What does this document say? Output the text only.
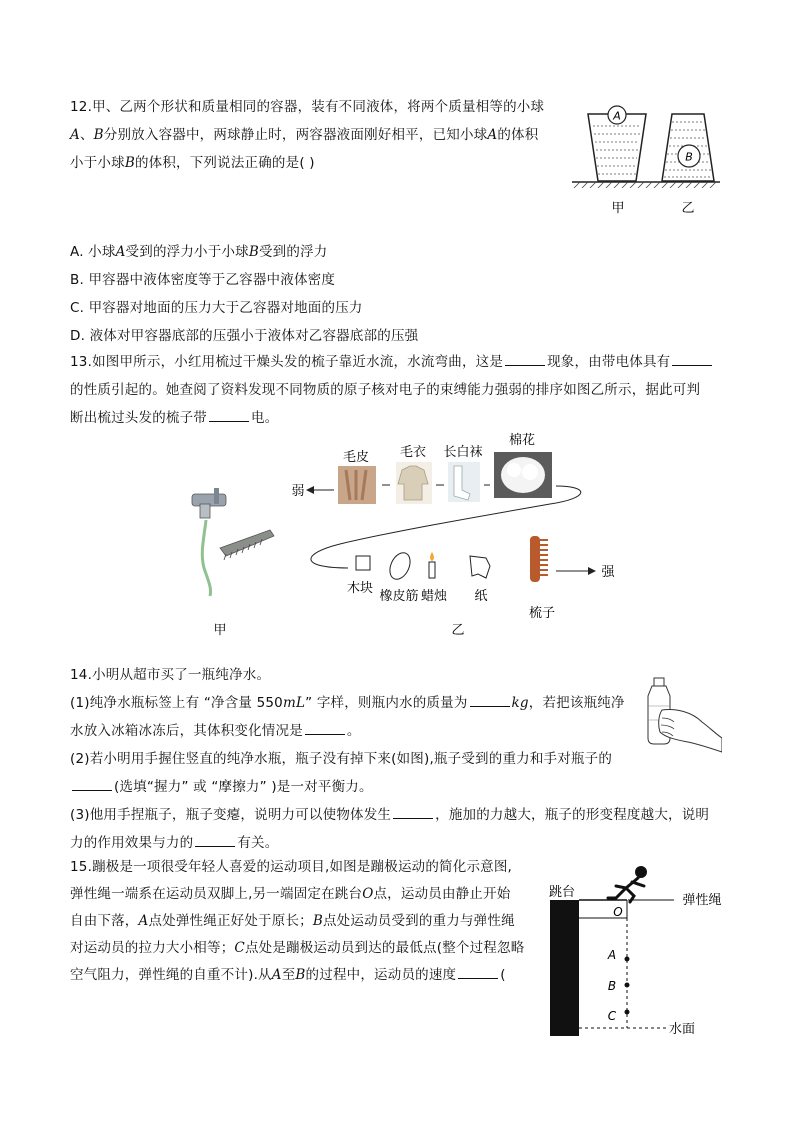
12.甲、乙两个形状和质量相同的容器，装有不同液体，将两个质量相等的小球
A、B分别放入容器中，两球静止时，两容器液面刚好相平，已知小球A的体积
小于小球B的体积，下列说法正确的是( )
A
B
甲	乙
A. 小球A受到的浮力小于小球B受到的浮力
B. 甲容器中液体密度等于乙容器中液体密度
C. 甲容器对地面的压力大于乙容器对地面的压力
D. 液体对甲容器底部的压强小于液体对乙容器底部的压强
13.如图甲所示，小红用梳过干燥头发的梳子靠近水流，水流弯曲，这是	现象，由带电体具有
的性质引起的。她查阅了资料发现不同物质的原子核对电子的束缚能力强弱的排序如图乙所示，据此可判
断出梳过头发的梳子带	电。
甲
毛皮 毛衣 长白袜
棉花
弱
木块
橡皮筋 蜡烛 纸
梳子
强
乙
14.小明从超市买了一瓶纯净水。
(1)纯净水瓶标签上有 “净含量 550mL” 字样，则瓶内水的质量为	kg，若把该瓶纯净
水放入冰箱冰冻后，其体积变化情况是	。
(2)若小明用手握住竖直的纯净水瓶，瓶子没有掉下来(如图),瓶子受到的重力和手对瓶子的
(选填“握力” 或 “摩擦力” )是一对平衡力。
(3)他用手捏瓶子，瓶子变瘪，说明力可以使物体发生	，施加的力越大，瓶子的形变程度越大，说明
力的作用效果与力的	有关。
15.蹦极是一项很受年轻人喜爱的运动项目,如图是蹦极运动的简化示意图,
弹性绳一端系在运动员双脚上,另一端固定在跳台O点，运动员由静止开始
自由下落，A点处弹性绳正好处于原长；B点处运动员受到的重力与弹性绳
对运动员的拉力大小相等；C点处是蹦极运动员到达的最低点(整个过程忽略
空气阻力，弹性绳的自重不计).从A至B的过程中，运动员的速度	(
跳台
弹性绳
O
A
B
C
水面
